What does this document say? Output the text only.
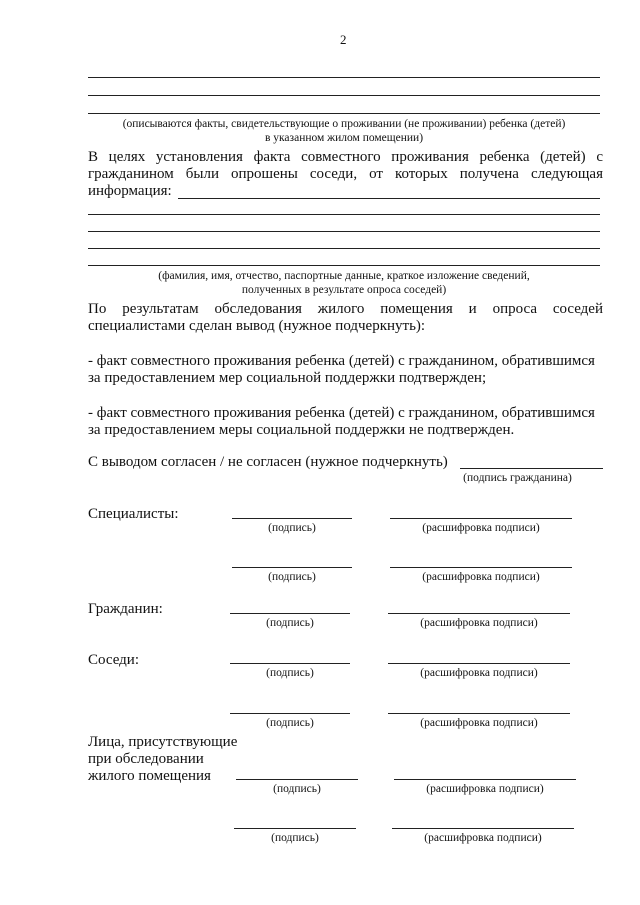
2
(описываются факты, свидетельствующие о проживании (не проживании) ребенка (детей)
в указанном жилом помещении)
В целях установления факта совместного проживания ребенка (детей) с
гражданином были опрошены соседи, от которых получена следующая
информация:
(фамилия, имя, отчество, паспортные данные, краткое изложение сведений,
полученных в результате опроса соседей)
По результатам обследования жилого помещения и опроса соседей
специалистами сделан вывод (нужное подчеркнуть):
- факт совместного проживания ребенка (детей) с гражданином, обратившимся
за предоставлением мер социальной поддержки подтвержден;
- факт совместного проживания ребенка (детей) с гражданином, обратившимся
за предоставлением меры социальной поддержки не подтвержден.
С выводом согласен / не согласен (нужное подчеркнуть)
(подпись гражданина)
Специалисты:
(подпись)	(расшифровка подписи)
(подпись)	(расшифровка подписи)
Гражданин:
(подпись)	(расшифровка подписи)
Соседи:
(подпись)	(расшифровка подписи)
(подпись)	(расшифровка подписи)
Лица, присутствующие
при обследовании
жилого помещения
(подпись)	(расшифровка подписи)
(подпись)	(расшифровка подписи)
